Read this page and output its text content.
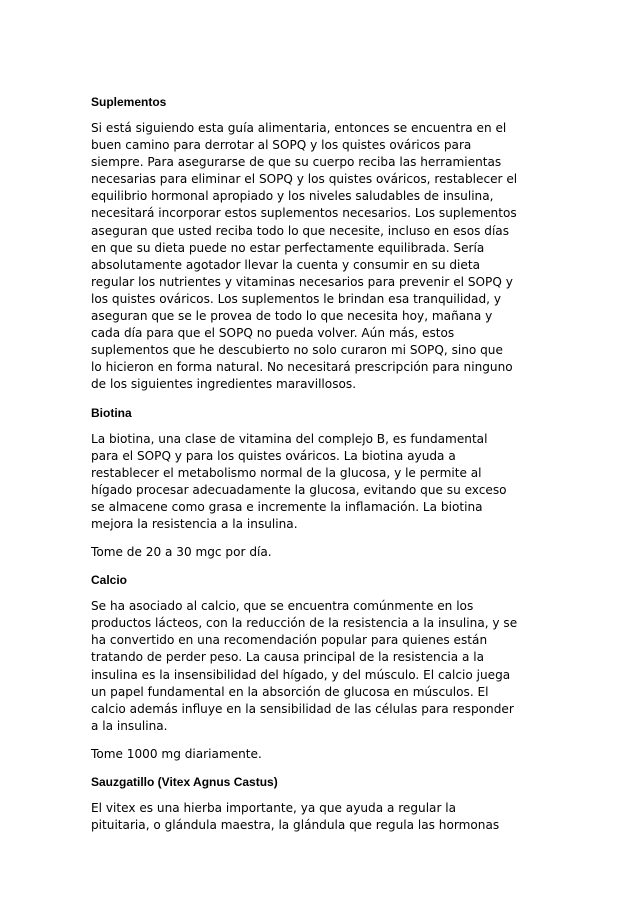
Suplementos
Si está siguiendo esta guía alimentaria, entonces se encuentra en el
buen camino para derrotar al SOPQ y los quistes ováricos para
siempre. Para asegurarse de que su cuerpo reciba las herramientas
necesarias para eliminar el SOPQ y los quistes ováricos, restablecer el
equilibrio hormonal apropiado y los niveles saludables de insulina,
necesitará incorporar estos suplementos necesarios. Los suplementos
aseguran que usted reciba todo lo que necesite, incluso en esos días
en que su dieta puede no estar perfectamente equilibrada. Sería
absolutamente agotador llevar la cuenta y consumir en su dieta
regular los nutrientes y vitaminas necesarios para prevenir el SOPQ y
los quistes ováricos. Los suplementos le brindan esa tranquilidad, y
aseguran que se le provea de todo lo que necesita hoy, mañana y
cada día para que el SOPQ no pueda volver. Aún más, estos
suplementos que he descubierto no solo curaron mi SOPQ, sino que
lo hicieron en forma natural. No necesitará prescripción para ninguno
de los siguientes ingredientes maravillosos.
Biotina
La biotina, una clase de vitamina del complejo B, es fundamental
para el SOPQ y para los quistes ováricos. La biotina ayuda a
restablecer el metabolismo normal de la glucosa, y le permite al
hígado procesar adecuadamente la glucosa, evitando que su exceso
se almacene como grasa e incremente la inflamación. La biotina
mejora la resistencia a la insulina.
Tome de 20 a 30 mgc por día.
Calcio
Se ha asociado al calcio, que se encuentra comúnmente en los
productos lácteos, con la reducción de la resistencia a la insulina, y se
ha convertido en una recomendación popular para quienes están
tratando de perder peso. La causa principal de la resistencia a la
insulina es la insensibilidad del hígado, y del músculo. El calcio juega
un papel fundamental en la absorción de glucosa en músculos. El
calcio además influye en la sensibilidad de las células para responder
a la insulina.
Tome 1000 mg diariamente.
Sauzgatillo (Vitex Agnus Castus)
El vitex es una hierba importante, ya que ayuda a regular la
pituitaria, o glándula maestra, la glándula que regula las hormonas
